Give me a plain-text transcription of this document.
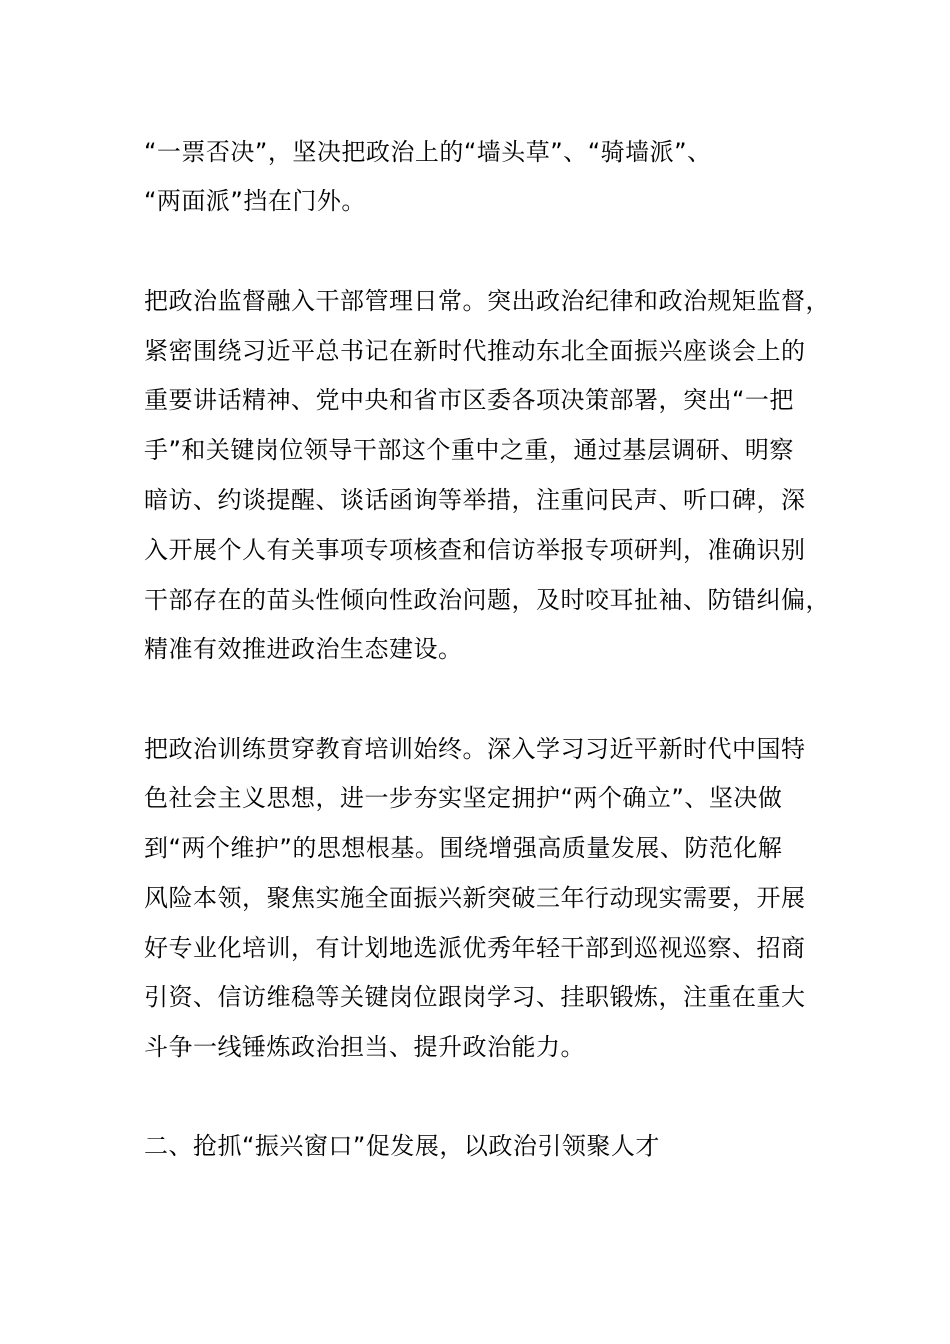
“一票否决”，坚决把政治上的“墙头草”、“骑墙派”、
“两面派”挡在门外。
把政治监督融入干部管理日常。突出政治纪律和政治规矩监督，
紧密围绕习近平总书记在新时代推动东北全面振兴座谈会上的
重要讲话精神、党中央和省市区委各项决策部署，突出“一把
手”和关键岗位领导干部这个重中之重，通过基层调研、明察
暗访、约谈提醒、谈话函询等举措，注重问民声、听口碑，深
入开展个人有关事项专项核查和信访举报专项研判，准确识别
干部存在的苗头性倾向性政治问题，及时咬耳扯袖、防错纠偏，
精准有效推进政治生态建设。
把政治训练贯穿教育培训始终。深入学习习近平新时代中国特
色社会主义思想，进一步夯实坚定拥护“两个确立”、坚决做
到“两个维护”的思想根基。围绕增强高质量发展、防范化解
风险本领，聚焦实施全面振兴新突破三年行动现实需要，开展
好专业化培训，有计划地选派优秀年轻干部到巡视巡察、招商
引资、信访维稳等关键岗位跟岗学习、挂职锻炼，注重在重大
斗争一线锤炼政治担当、提升政治能力。
二、抢抓“振兴窗口”促发展，以政治引领聚人才
